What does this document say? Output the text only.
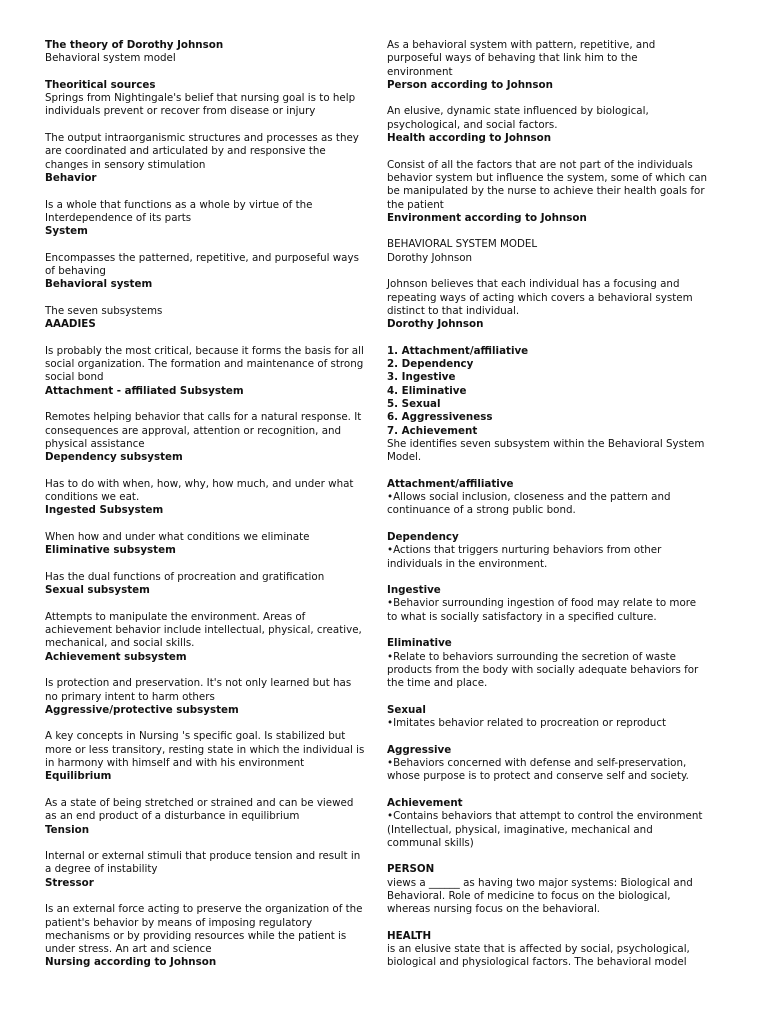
The theory of Dorothy Johnson
Behavioral system model
Theoritical sources
Springs from Nightingale's belief that nursing goal is to help
individuals prevent or recover from disease or injury
The output intraorganismic structures and processes as they
are coordinated and articulated by and responsive the
changes in sensory stimulation
Behavior
Is a whole that functions as a whole by virtue of the
Interdependence of its parts
System
Encompasses the patterned, repetitive, and purposeful ways
of behaving
Behavioral system
The seven subsystems
AAADIES
Is probably the most critical, because it forms the basis for all
social organization. The formation and maintenance of strong
social bond
Attachment - affiliated Subsystem
Remotes helping behavior that calls for a natural response. It
consequences are approval, attention or recognition, and
physical assistance
Dependency subsystem
Has to do with when, how, why, how much, and under what
conditions we eat.
Ingested Subsystem
When how and under what conditions we eliminate
Eliminative subsystem
Has the dual functions of procreation and gratification
Sexual subsystem
Attempts to manipulate the environment. Areas of
achievement behavior include intellectual, physical, creative,
mechanical, and social skills.
Achievement subsystem
Is protection and preservation. It's not only learned but has
no primary intent to harm others
Aggressive/protective subsystem
A key concepts in Nursing 's specific goal. Is stabilized but
more or less transitory, resting state in which the individual is
in harmony with himself and with his environment
Equilibrium
As a state of being stretched or strained and can be viewed
as an end product of a disturbance in equilibrium
Tension
Internal or external stimuli that produce tension and result in
a degree of instability
Stressor
Is an external force acting to preserve the organization of the
patient's behavior by means of imposing regulatory
mechanisms or by providing resources while the patient is
under stress. An art and science
Nursing according to Johnson
As a behavioral system with pattern, repetitive, and
purposeful ways of behaving that link him to the
environment
Person according to Johnson
An elusive, dynamic state influenced by biological,
psychological, and social factors.
Health according to Johnson
Consist of all the factors that are not part of the individuals
behavior system but influence the system, some of which can
be manipulated by the nurse to achieve their health goals for
the patient
Environment according to Johnson
BEHAVIORAL SYSTEM MODEL
Dorothy Johnson
Johnson believes that each individual has a focusing and
repeating ways of acting which covers a behavioral system
distinct to that individual.
Dorothy Johnson
1. Attachment/affiliative
2. Dependency
3. Ingestive
4. Eliminative
5. Sexual
6. Aggressiveness
7. Achievement
She identifies seven subsystem within the Behavioral System
Model.
Attachment/affiliative
•Allows social inclusion, closeness and the pattern and
continuance of a strong public bond.
Dependency
•Actions that triggers nurturing behaviors from other
individuals in the environment.
Ingestive
•Behavior surrounding ingestion of food may relate to more
to what is socially satisfactory in a specified culture.
Eliminative
•Relate to behaviors surrounding the secretion of waste
products from the body with socially adequate behaviors for
the time and place.
Sexual
•Imitates behavior related to procreation or reproduct
Aggressive
•Behaviors concerned with defense and self-preservation,
whose purpose is to protect and conserve self and society.
Achievement
•Contains behaviors that attempt to control the environment
(Intellectual, physical, imaginative, mechanical and
communal skills)
PERSON
views a ______ as having two major systems: Biological and
Behavioral. Role of medicine to focus on the biological,
whereas nursing focus on the behavioral.
HEALTH
is an elusive state that is affected by social, psychological,
biological and physiological factors. The behavioral model
